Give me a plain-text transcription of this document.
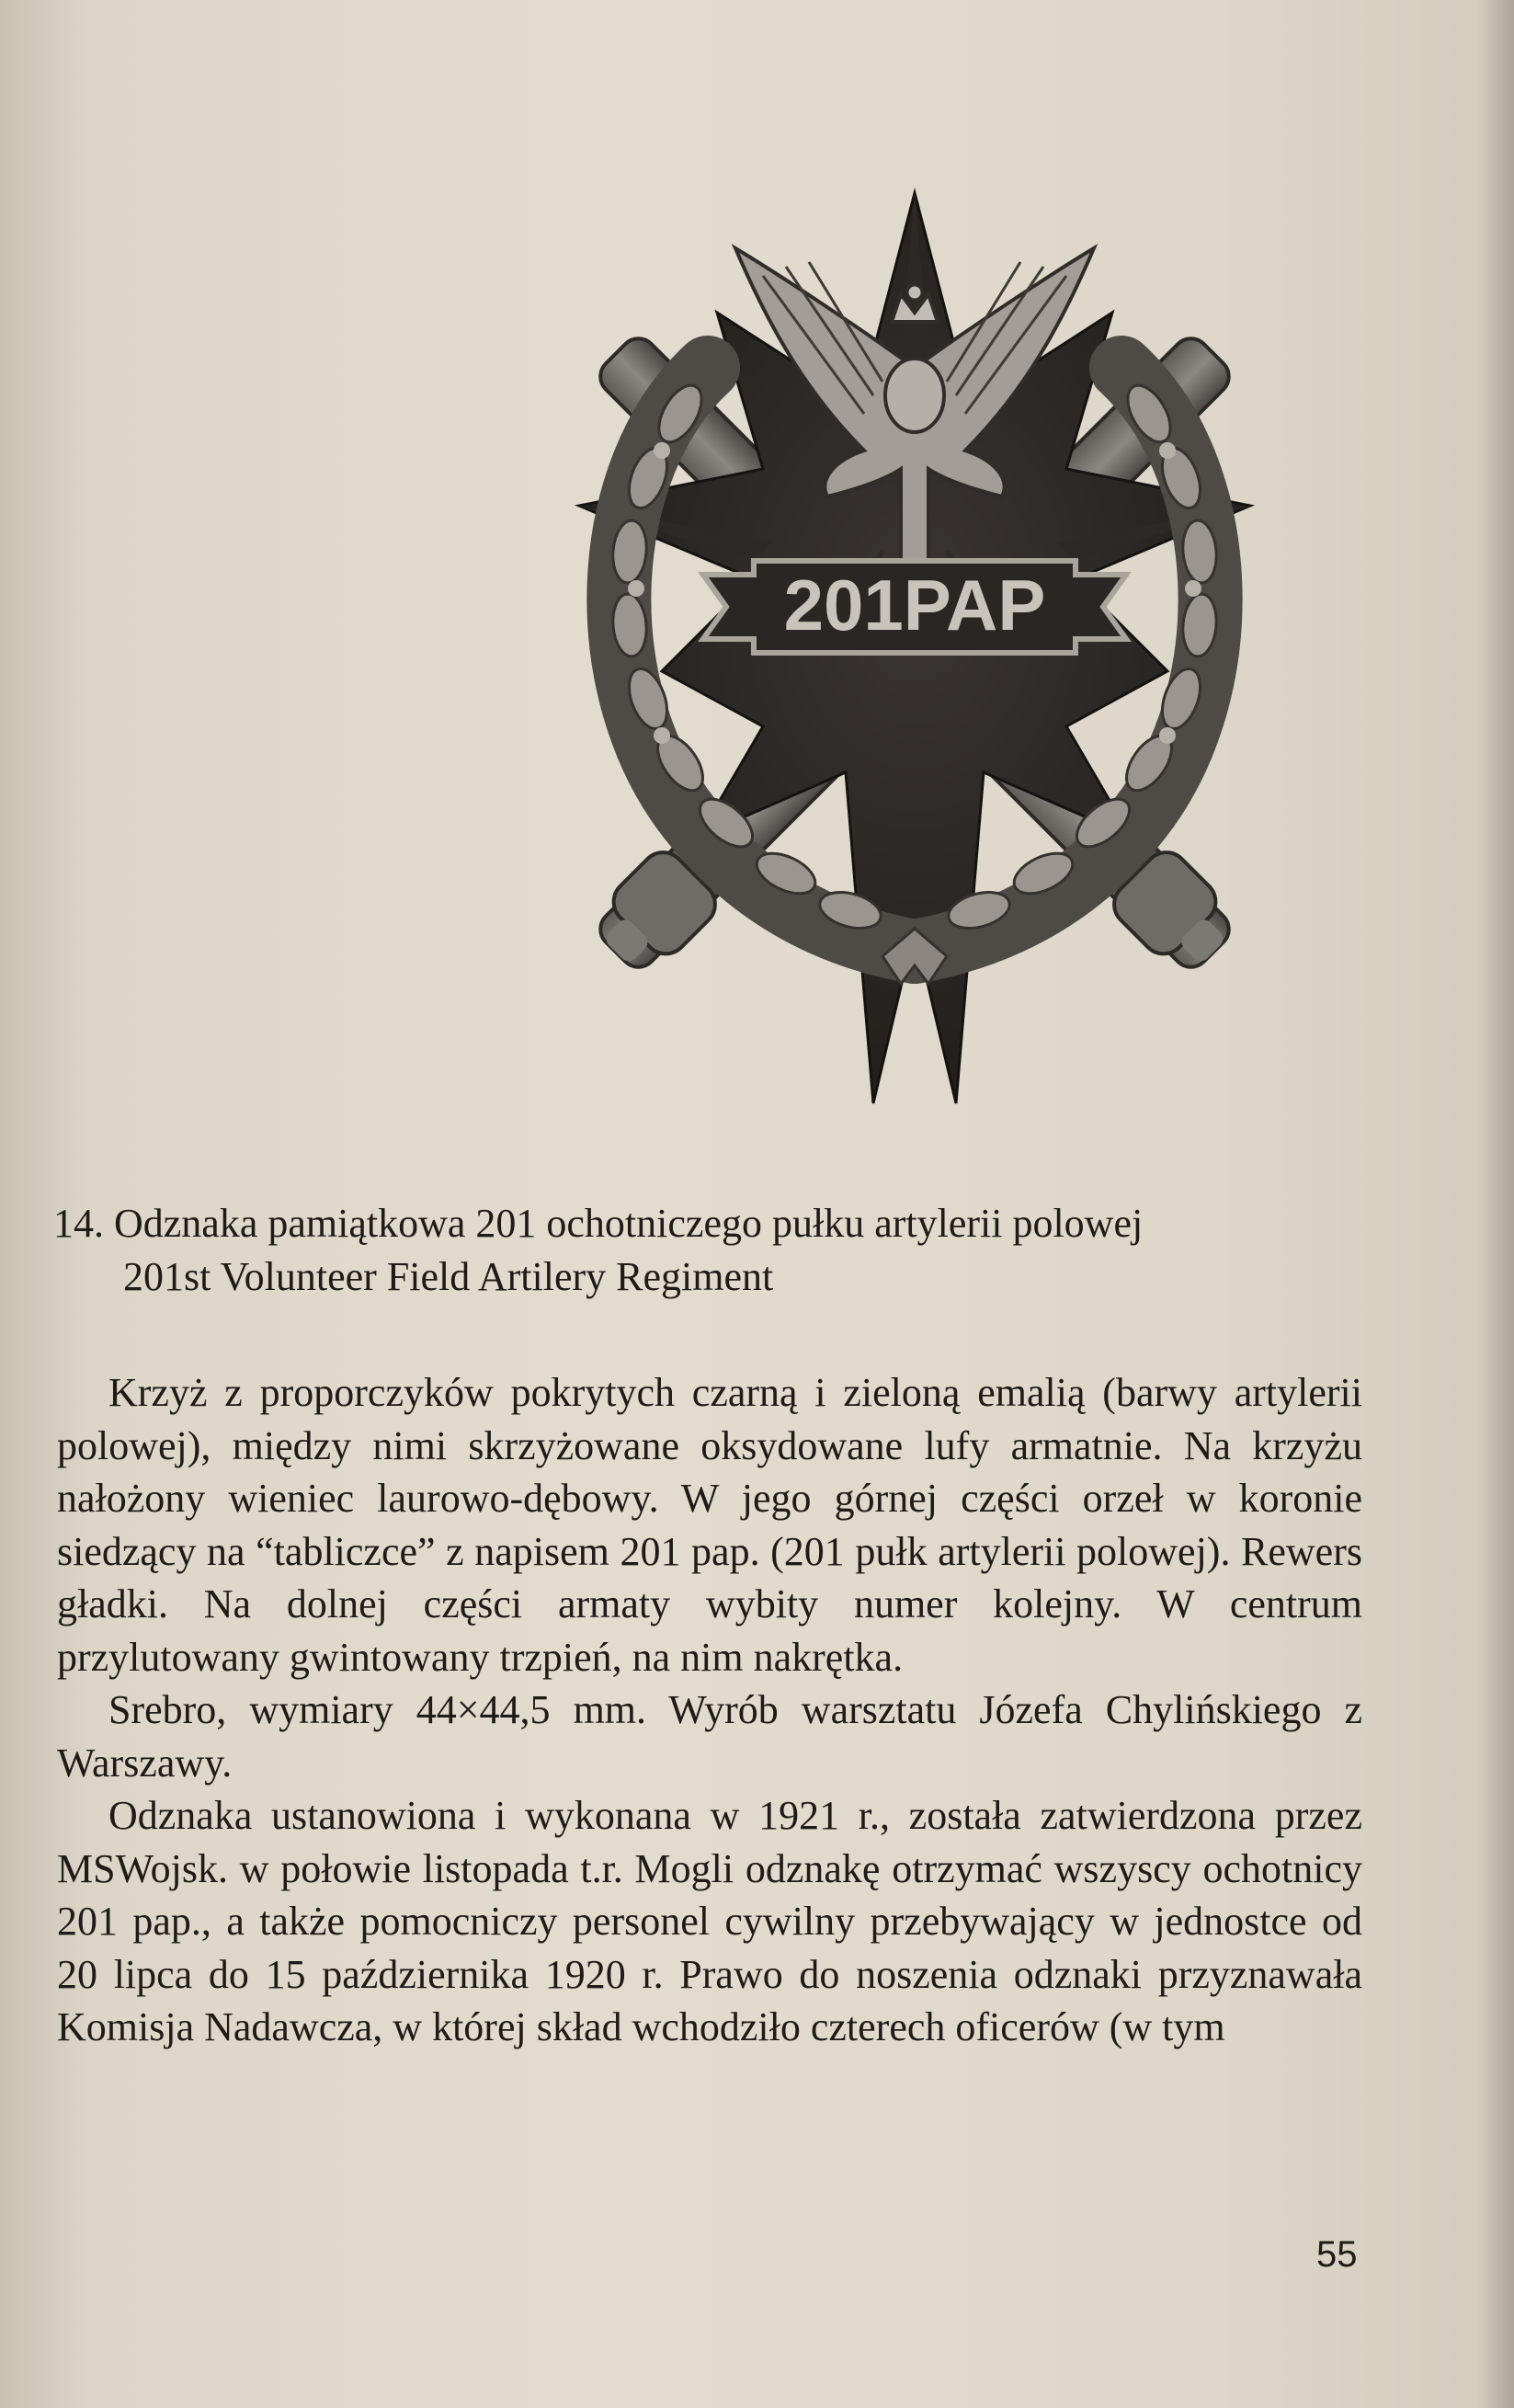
201PAP
14. Odznaka pamiątkowa 201 ochotniczego pułku artylerii polowej
201st Volunteer Field Artilery Regiment

Krzyż z proporczyków pokrytych czarną i zieloną emalią (barwy artylerii polowej), między nimi skrzyżowane oksydowane lufy armatnie. Na krzyżu nałożony wieniec laurowo-dębowy. W jego górnej części orzeł w koronie siedzący na “tabliczce” z napisem 201 pap. (201 pułk artylerii polowej). Rewers gładki. Na dolnej części armaty wybity numer kolejny. W centrum przylutowany gwintowany trzpień, na nim nakrętka.

Srebro, wymiary 44×44,5 mm. Wyrób warsztatu Józefa Chylińskiego z Warszawy.

Odznaka ustanowiona i wykonana w 1921 r., została zatwierdzona przez MSWojsk. w połowie listopada t.r. Mogli odznakę otrzymać wszyscy ochotnicy 201 pap., a także pomocniczy personel cywilny przebywający w jednostce od 20 lipca do 15 października 1920 r. Prawo do noszenia odznaki przyznawała Komisja Nadawcza, w której skład wchodziło czterech oficerów (w tym

55
